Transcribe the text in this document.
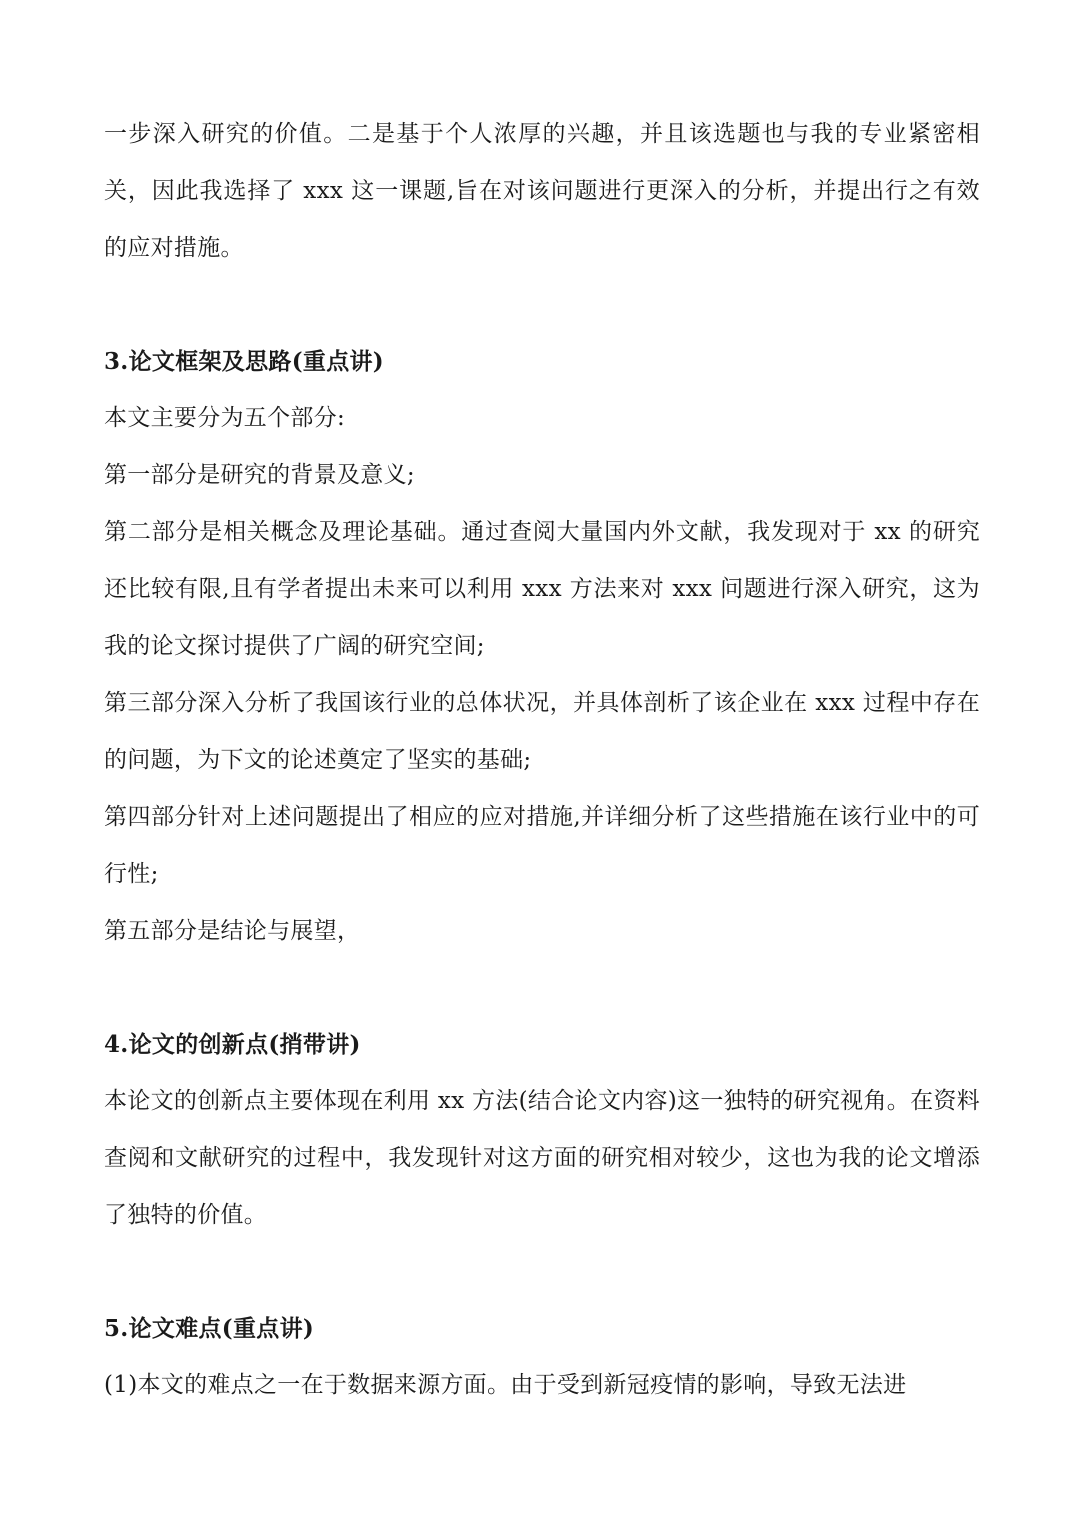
一步深入研究的价值。二是基于个人浓厚的兴趣，并且该选题也与我的专业紧密相关，因此我选择了 xxx 这一课题,旨在对该问题进行更深入的分析，并提出行之有效的应对措施。

3.论文框架及思路(重点讲)

本文主要分为五个部分:

第一部分是研究的背景及意义;

第二部分是相关概念及理论基础。通过查阅大量国内外文献，我发现对于 xx 的研究还比较有限,且有学者提出未来可以利用 xxx 方法来对 xxx 问题进行深入研究，这为我的论文探讨提供了广阔的研究空间;

第三部分深入分析了我国该行业的总体状况，并具体剖析了该企业在 xxx 过程中存在的问题，为下文的论述奠定了坚实的基础;

第四部分针对上述问题提出了相应的应对措施,并详细分析了这些措施在该行业中的可行性;

第五部分是结论与展望，

4.论文的创新点(捎带讲)

本论文的创新点主要体现在利用 xx 方法(结合论文内容)这一独特的研究视角。在资料查阅和文献研究的过程中，我发现针对这方面的研究相对较少，这也为我的论文增添了独特的价值。

5.论文难点(重点讲)

(1)本文的难点之一在于数据来源方面。由于受到新冠疫情的影响，导致无法进
